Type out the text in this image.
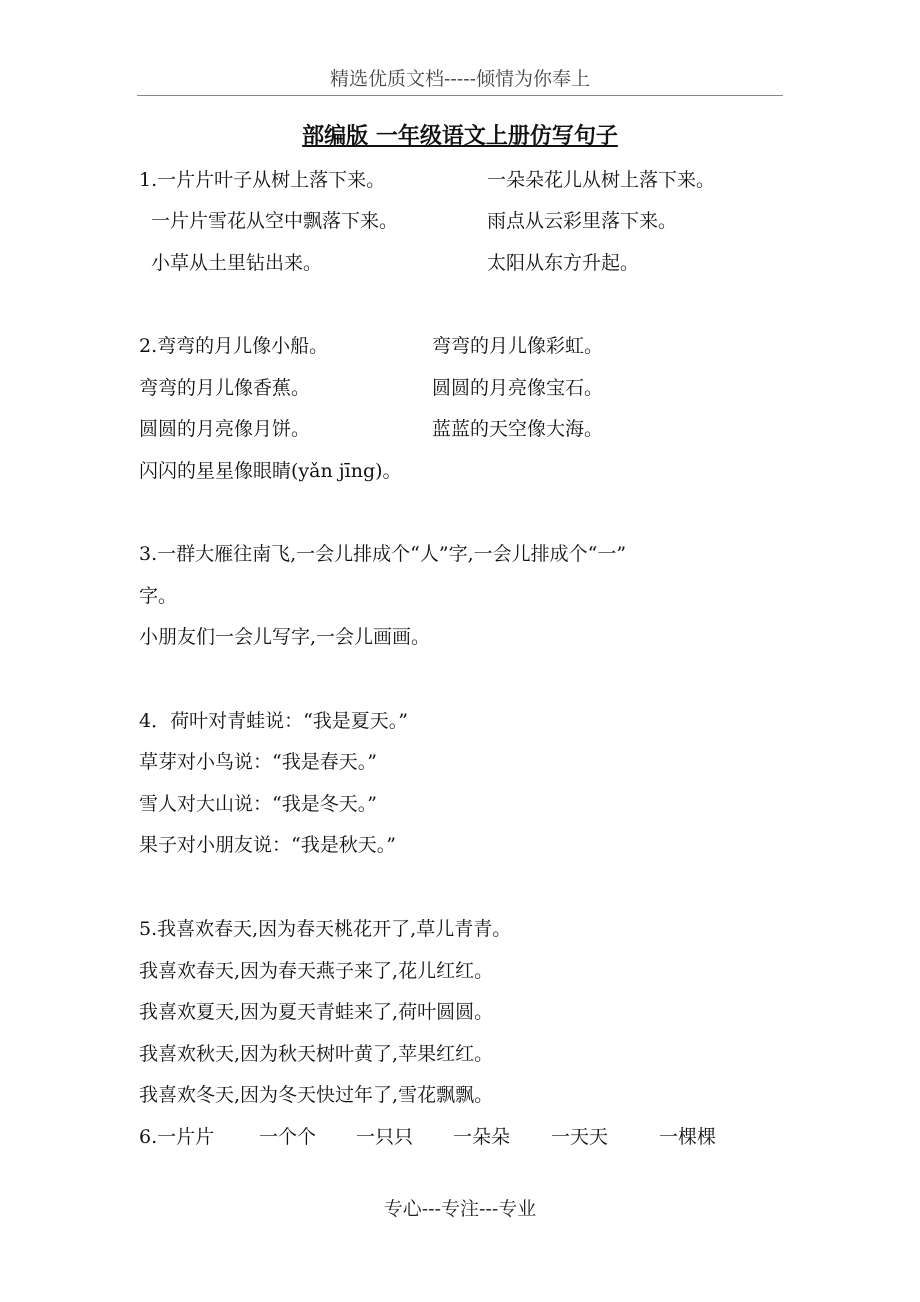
精选优质文档-----倾情为你奉上
部编版 一年级语文上册仿写句子
1.一片片叶子从树上落下来。	一朵朵花儿从树上落下来。
一片片雪花从空中飘落下来。	雨点从云彩里落下来。
小草从土里钻出来。	太阳从东方升起。
2.弯弯的月儿像小船。	弯弯的月儿像彩虹。
弯弯的月儿像香蕉。	圆圆的月亮像宝石。
圆圆的月亮像月饼。	蓝蓝的天空像大海。
闪闪的星星像眼睛(yǎn jīng)。
3.一群大雁往南飞,一会儿排成个“人”字,一会儿排成个“一”
字。
小朋友们一会儿写字,一会儿画画。
4．荷叶对青蛙说：“我是夏天。”
草芽对小鸟说：“我是春天。”
雪人对大山说：“我是冬天。”
果子对小朋友说：“我是秋天。”
5.我喜欢春天,因为春天桃花开了,草儿青青。
我喜欢春天,因为春天燕子来了,花儿红红。
我喜欢夏天,因为夏天青蛙来了,荷叶圆圆。
我喜欢秋天,因为秋天树叶黄了,苹果红红。
我喜欢冬天,因为冬天快过年了,雪花飘飘。
6.一片片 一个个 一只只 一朵朵 一天天	一棵棵
专心---专注---专业
